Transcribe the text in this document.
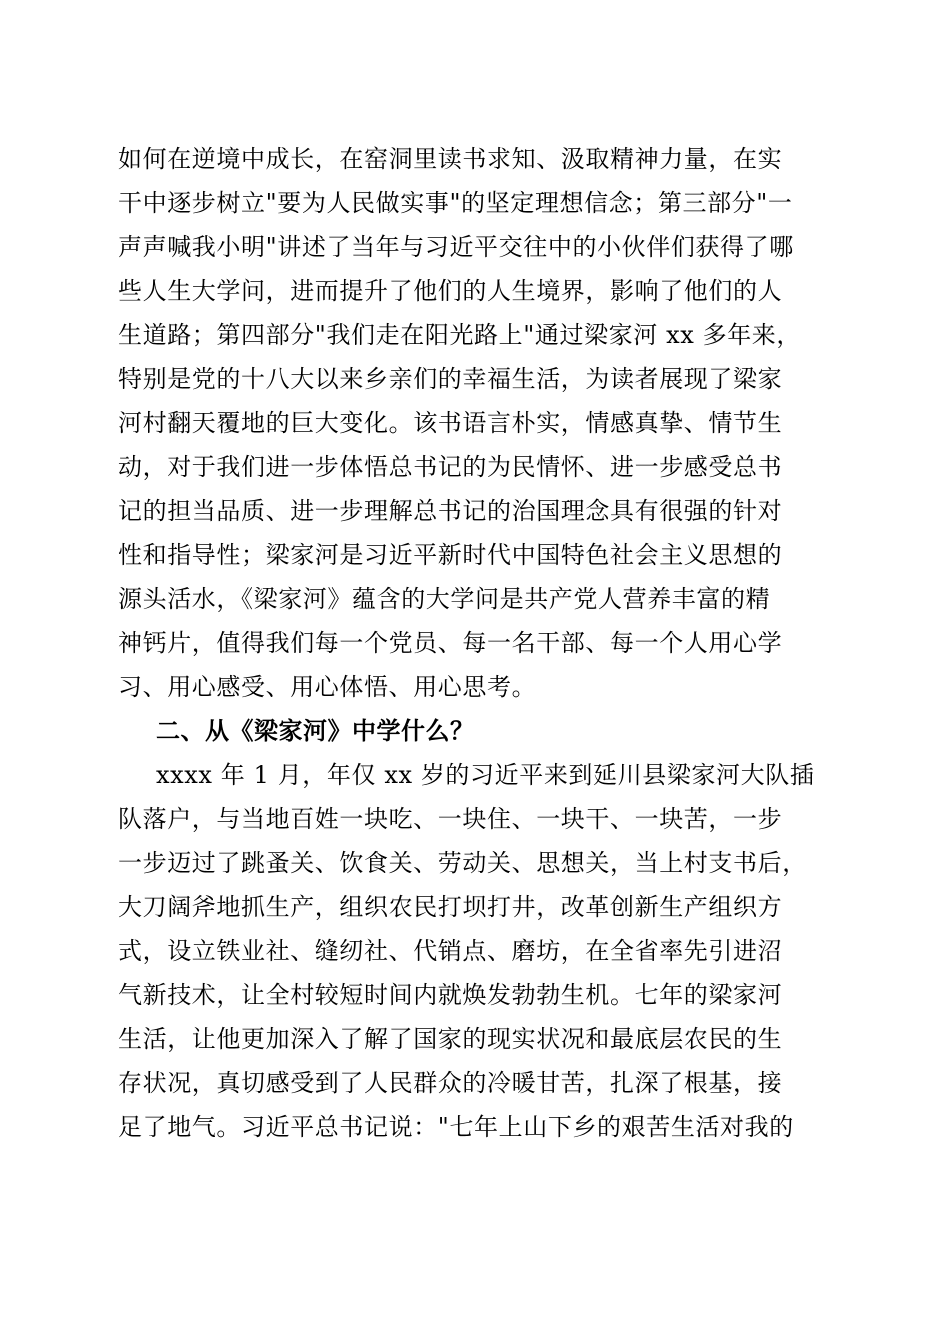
如何在逆境中成长，在窑洞里读书求知、汲取精神力量，在实
干中逐步树立"要为人民做实事"的坚定理想信念；第三部分"一
声声喊我小明"讲述了当年与习近平交往中的小伙伴们获得了哪
些人生大学问，进而提升了他们的人生境界，影响了他们的人
生道路；第四部分"我们走在阳光路上"通过梁家河 xx 多年来，
特别是党的十八大以来乡亲们的幸福生活，为读者展现了梁家
河村翻天覆地的巨大变化。该书语言朴实，情感真挚、情节生
动，对于我们进一步体悟总书记的为民情怀、进一步感受总书
记的担当品质、进一步理解总书记的治国理念具有很强的针对
性和指导性；梁家河是习近平新时代中国特色社会主义思想的
源头活水，《梁家河》蕴含的大学问是共产党人营养丰富的精
神钙片，值得我们每一个党员、每一名干部、每一个人用心学
习、用心感受、用心体悟、用心思考。
二、从《梁家河》中学什么？
xxxx 年 1 月，年仅 xx 岁的习近平来到延川县梁家河大队插
队落户，与当地百姓一块吃、一块住、一块干、一块苦，一步
一步迈过了跳蚤关、饮食关、劳动关、思想关，当上村支书后，
大刀阔斧地抓生产，组织农民打坝打井，改革创新生产组织方
式，设立铁业社、缝纫社、代销点、磨坊，在全省率先引进沼
气新技术，让全村较短时间内就焕发勃勃生机。七年的梁家河
生活，让他更加深入了解了国家的现实状况和最底层农民的生
存状况，真切感受到了人民群众的冷暖甘苦，扎深了根基，接
足了地气。习近平总书记说："七年上山下乡的艰苦生活对我的
